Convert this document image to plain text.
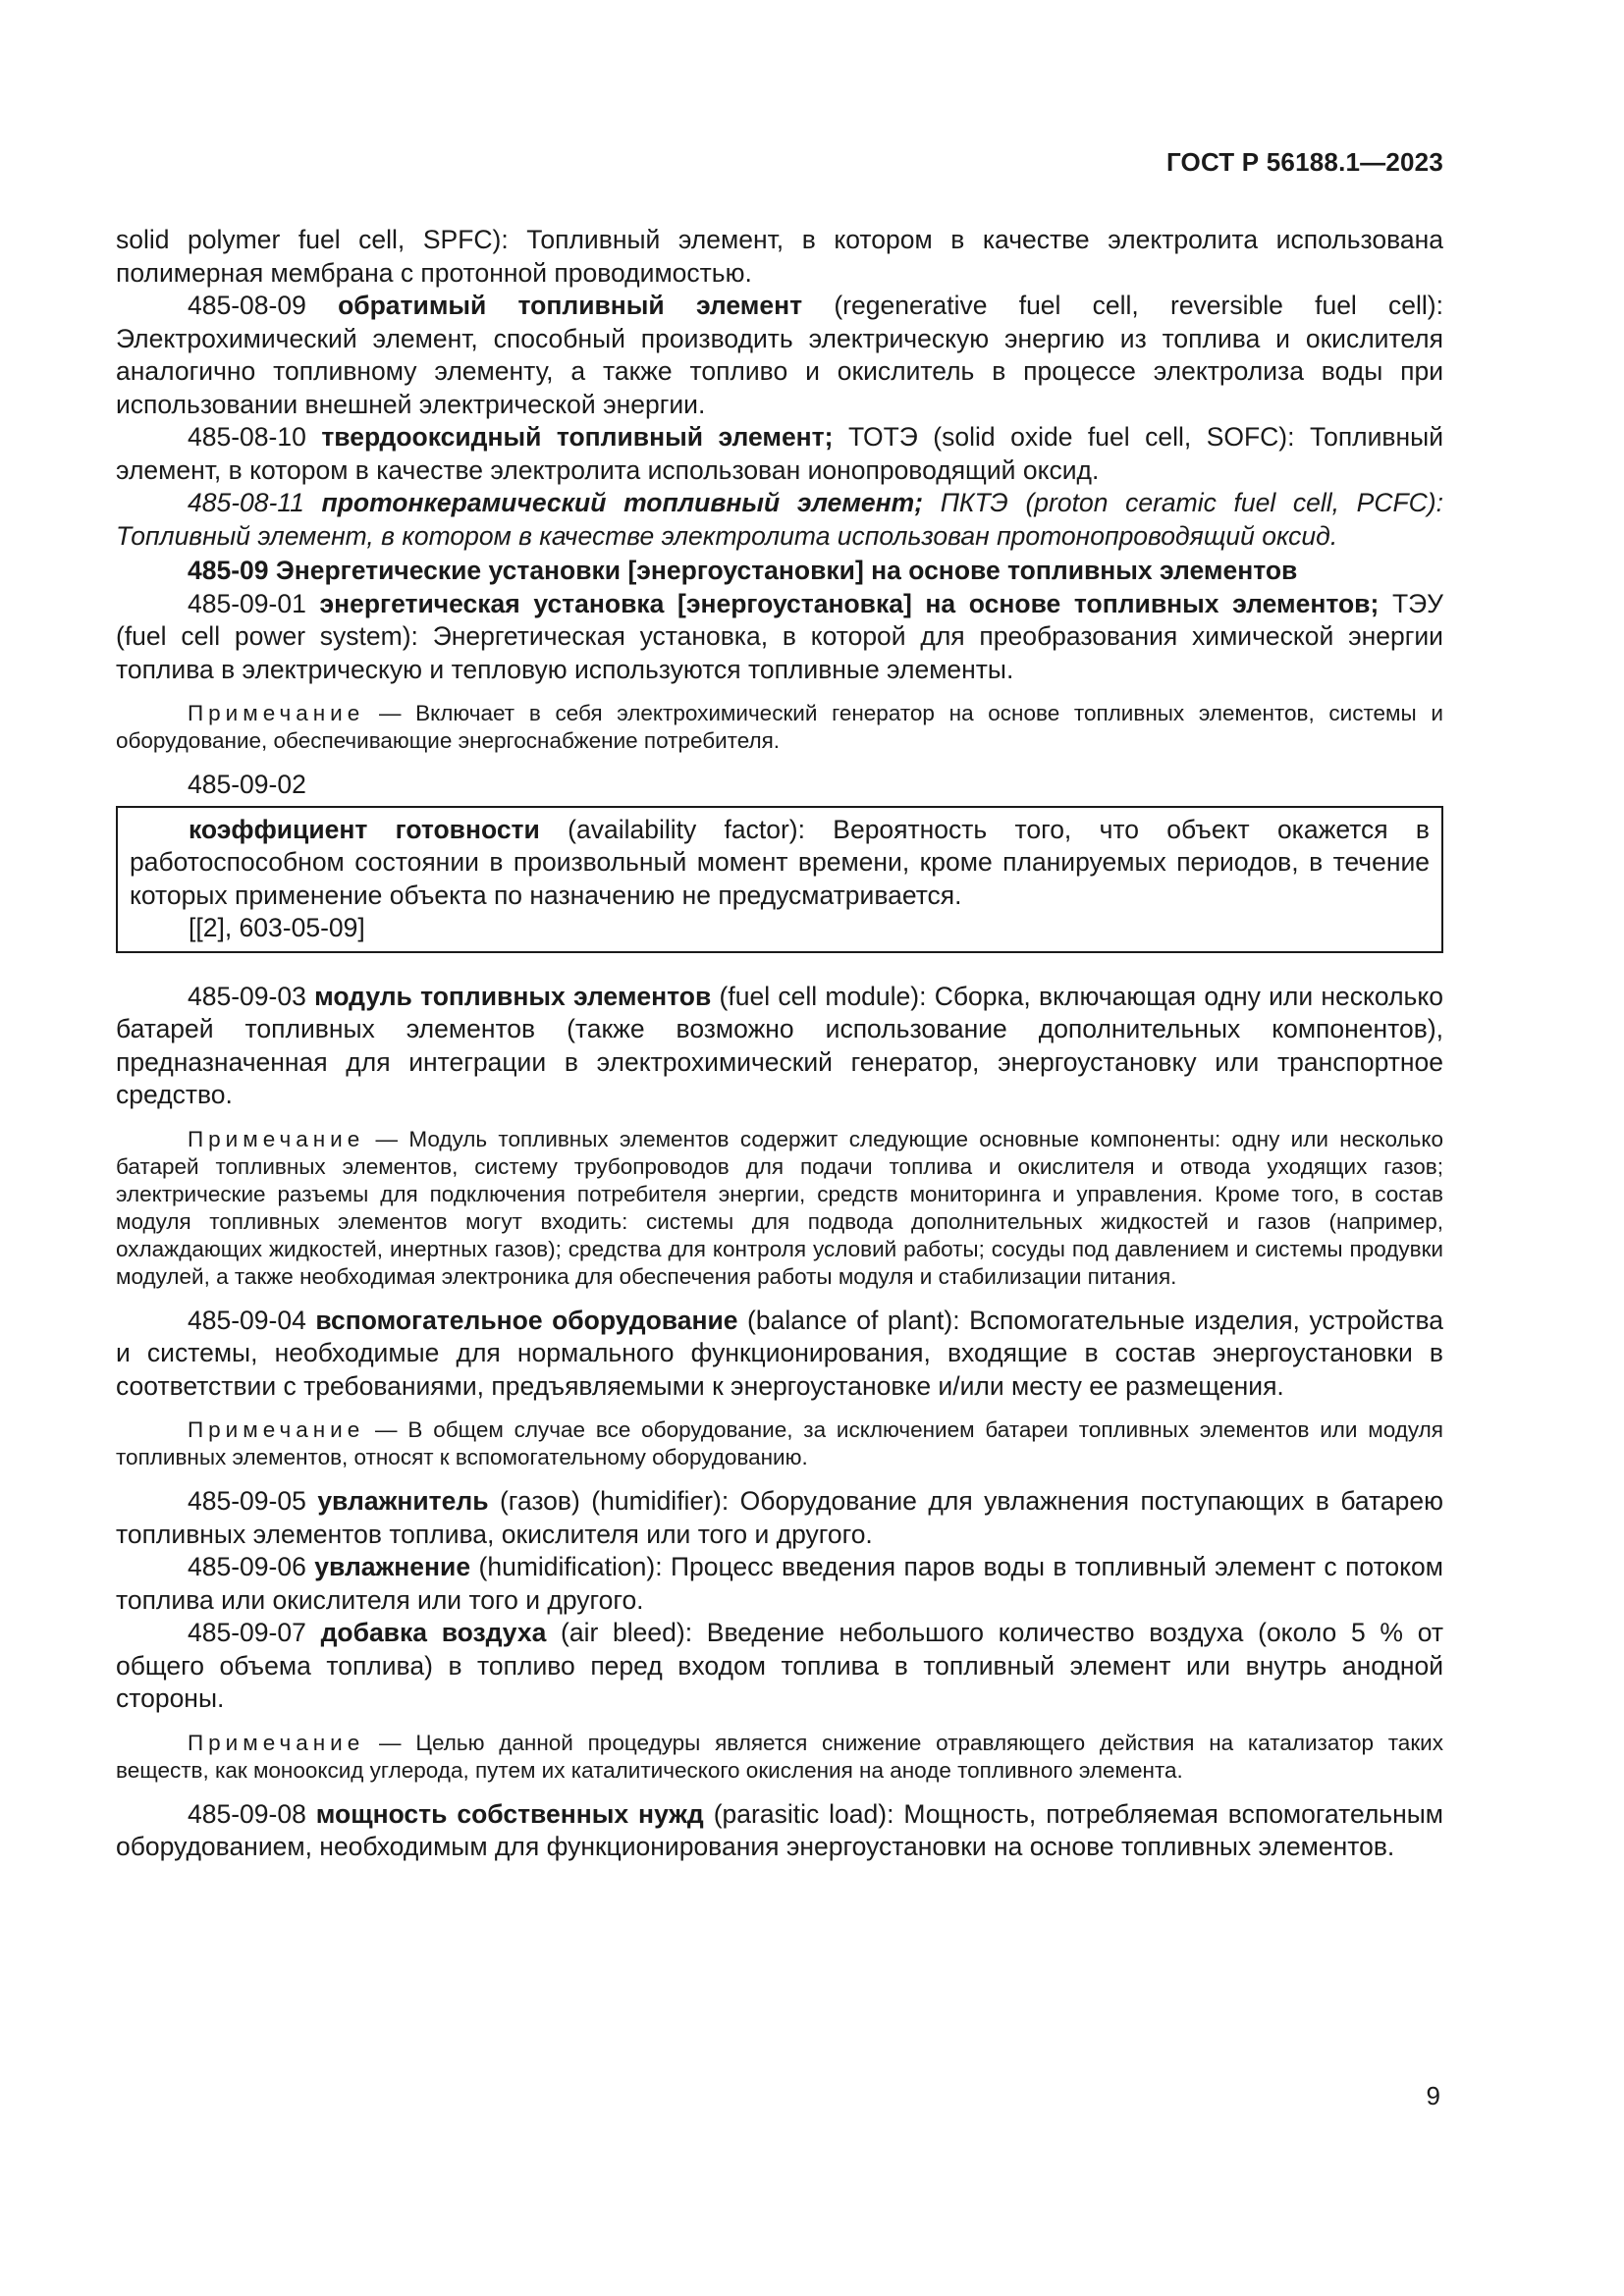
ГОСТ Р 56188.1—2023

solid polymer fuel cell, SPFC): Топливный элемент, в котором в качестве электролита использована полимерная мембрана с протонной проводимостью.

485-08-09 обратимый топливный элемент (regenerative fuel cell, reversible fuel cell): Электрохимический элемент, способный производить электрическую энергию из топлива и окислителя аналогично топливному элементу, а также топливо и окислитель в процессе электролиза воды при использовании внешней электрической энергии.

485-08-10 твердооксидный топливный элемент; ТОТЭ (solid oxide fuel cell, SOFC): Топливный элемент, в котором в качестве электролита использован ионопроводящий оксид.

485-08-11 протонкерамический топливный элемент; ПКТЭ (proton ceramic fuel cell, PCFC): Топливный элемент, в котором в качестве электролита использован протонопроводящий оксид.

485-09 Энергетические установки [энергоустановки] на основе топливных элементов

485-09-01 энергетическая установка [энергоустановка] на основе топливных элементов; ТЭУ (fuel cell power system): Энергетическая установка, в которой для преобразования химической энергии топлива в электрическую и тепловую используются топливные элементы.

Примечание — Включает в себя электрохимический генератор на основе топливных элементов, системы и оборудование, обеспечивающие энергоснабжение потребителя.

485-09-02

коэффициент готовности (availability factor): Вероятность того, что объект окажется в работоспособном состоянии в произвольный момент времени, кроме планируемых периодов, в течение которых применение объекта по назначению не предусматривается.

[[2], 603-05-09]

485-09-03 модуль топливных элементов (fuel cell module): Сборка, включающая одну или несколько батарей топливных элементов (также возможно использование дополнительных компонентов), предназначенная для интеграции в электрохимический генератор, энергоустановку или транспортное средство.

Примечание — Модуль топливных элементов содержит следующие основные компоненты: одну или несколько батарей топливных элементов, систему трубопроводов для подачи топлива и окислителя и отвода уходящих газов; электрические разъемы для подключения потребителя энергии, средств мониторинга и управления. Кроме того, в состав модуля топливных элементов могут входить: системы для подвода дополнительных жидкостей и газов (например, охлаждающих жидкостей, инертных газов); средства для контроля условий работы; сосуды под давлением и системы продувки модулей, а также необходимая электроника для обеспечения работы модуля и стабилизации питания.

485-09-04 вспомогательное оборудование (balance of plant): Вспомогательные изделия, устройства и системы, необходимые для нормального функционирования, входящие в состав энергоустановки в соответствии с требованиями, предъявляемыми к энергоустановке и/или месту ее размещения.

Примечание — В общем случае все оборудование, за исключением батареи топливных элементов или модуля топливных элементов, относят к вспомогательному оборудованию.

485-09-05 увлажнитель (газов) (humidifier): Оборудование для увлажнения поступающих в батарею топливных элементов топлива, окислителя или того и другого.

485-09-06 увлажнение (humidification): Процесс введения паров воды в топливный элемент с потоком топлива или окислителя или того и другого.

485-09-07 добавка воздуха (air bleed): Введение небольшого количество воздуха (около 5 % от общего объема топлива) в топливо перед входом топлива в топливный элемент или внутрь анодной стороны.

Примечание — Целью данной процедуры является снижение отравляющего действия на катализатор таких веществ, как монооксид углерода, путем их каталитического окисления на аноде топливного элемента.

485-09-08 мощность собственных нужд (parasitic load): Мощность, потребляемая вспомогательным оборудованием, необходимым для функционирования энергоустановки на основе топливных элементов.

9
